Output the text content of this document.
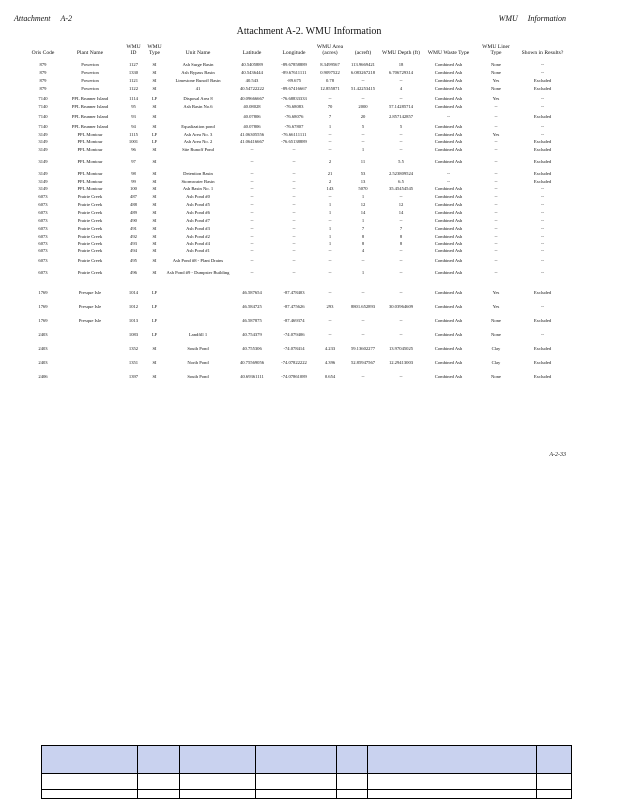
Attachment A-2	WMU Information
Attachment A-2. WMU Information
Oris Code	Plant Name	WMU ID	WMU Type	Unit Name	Latitude	Longitude	WMU Area (acres)	(acreft)	WMU Depth (ft)	WMU Waste Type	WMU Liner Type	Shown in Results?
879	Powerton	1127	SI	Ash Surge Basin	40.5405889	-89.67858889	8.3499567	113.9669421	18	Combined Ash	None	--
879	Powerton	1330	SI	Ash Bypass Basin	40.5436444	-89.67611111	0.9097522	6.083267218	6.706729314	Combined Ash	None	--
879	Powerton	1121	SI	Limestone Runoff Basin	40.543	-89.675	0.78	--	--	Combined Ash	Yes	Excluded
879	Powerton	1122	SI	41	40.54722222	-89.67416667	12.855871	51.42253415	4	Combined Ash	None	Excluded
7140	PPL Brunner Island	1114	LF	Disposal Area 8	40.09666667	-76.68833333	--	--	--	Combined Ash	Yes	--
7140	PPL Brunner Island	95	SI	Ash Basin No.6	40.08028	-76.68083	70	2000	57.14285714	Combined Ash	--	--
7140	PPL Brunner Island	93	SI		40.07806	-76.68076	7	20	2.857142857	--	--	Excluded
7140	PPL Brunner Island	94	SI	Equalization pond	40.07806	-76.67807	1	5	5	Combined Ash	--	--
3149	PPL Montour	1115	LF	Ash Area No. 3	41.06305556	-76.66111111	--	--	--	Combined Ash	Yes	--
3149	PPL Montour	1001	LF	Ash Area No. 2	41.06416667	-76.65138889	--	--	--	Combined Ash	--	Excluded
3149	PPL Montour	96	SI	Site Runoff Pond	--	--	--	1	--	Combined Ash	--	Excluded
3149	PPL Montour	97	SI		--	--	2	11	5.5	Combined Ash	--	Excluded
3149	PPL Montour	98	SI	Detention Basin	--	--	21	53	2.523809524	--	--	Excluded
3149	PPL Montour	99	SI	Stormwater Basin	--	--	2	13	6.5	--	--	Excluded
3149	PPL Montour	100	SI	Ash Basin No. 1	--	--	143	5070	35.45454545	Combined Ash	--	--
6073	Prairie Creek	487	SI	Ash Pond #0	--	--	--	1	--	Combined Ash	--	--
6073	Prairie Creek	488	SI	Ash Pond #5	--	--	1	12	12	Combined Ash	--	--
6073	Prairie Creek	489	SI	Ash Pond #6	--	--	1	14	14	Combined Ash	--	--
6073	Prairie Creek	490	SI	Ash Pond #7	--	--	--	1	--	Combined Ash	--	--
6073	Prairie Creek	491	SI	Ash Pond #3	--	--	1	7	7	Combined Ash	--	--
6073	Prairie Creek	492	SI	Ash Pond #2	--	--	1	8	8	Combined Ash	--	--
6073	Prairie Creek	493	SI	Ash Pond #4	--	--	1	8	8	Combined Ash	--	--
6073	Prairie Creek	494	SI	Ash Pond #1	--	--	--	4	--	Combined Ash	--	--
6073	Prairie Creek	495	SI	Ash Pond #8 - Plant Drains	--	--	--	--	--	Combined Ash	--	--
6073	Prairie Creek	496	SI	Ash Pond #9 - Dumpster Building	--	--	--	1	--	Combined Ash	--	--
1769	Presque Isle	1014	LF		46.587654	-87.478403	--	--	--	Combined Ash	Yes	Excluded
1769	Presque Isle	1012	LF		46.584725	-87.475626	293	8801.652893	30.03964609	Combined Ash	Yes	--
1769	Presque Isle	1013	LF		46.587875	-87.469374	--	--	--	Combined Ash	None	Excluded
2403		1083	LF	Landfill 1	40.754379	-74.079406	--	--	--	Combined Ash	None	--
2403		1352	SI	South Pond	40.755306	-74.078414	4.233	59.13602277	13.97045025	Combined Ash	Clay	Excluded
2403		1351	SI	North Pond	40.75569056	-74.07822222	4.396	52.85947567	12.29413003	Combined Ash	Clay	Excluded
2406		1397	SI	South Pond	40.69361111	-74.07861089	0.654	--	--	Combined Ash	None	Excluded
A-2-33
